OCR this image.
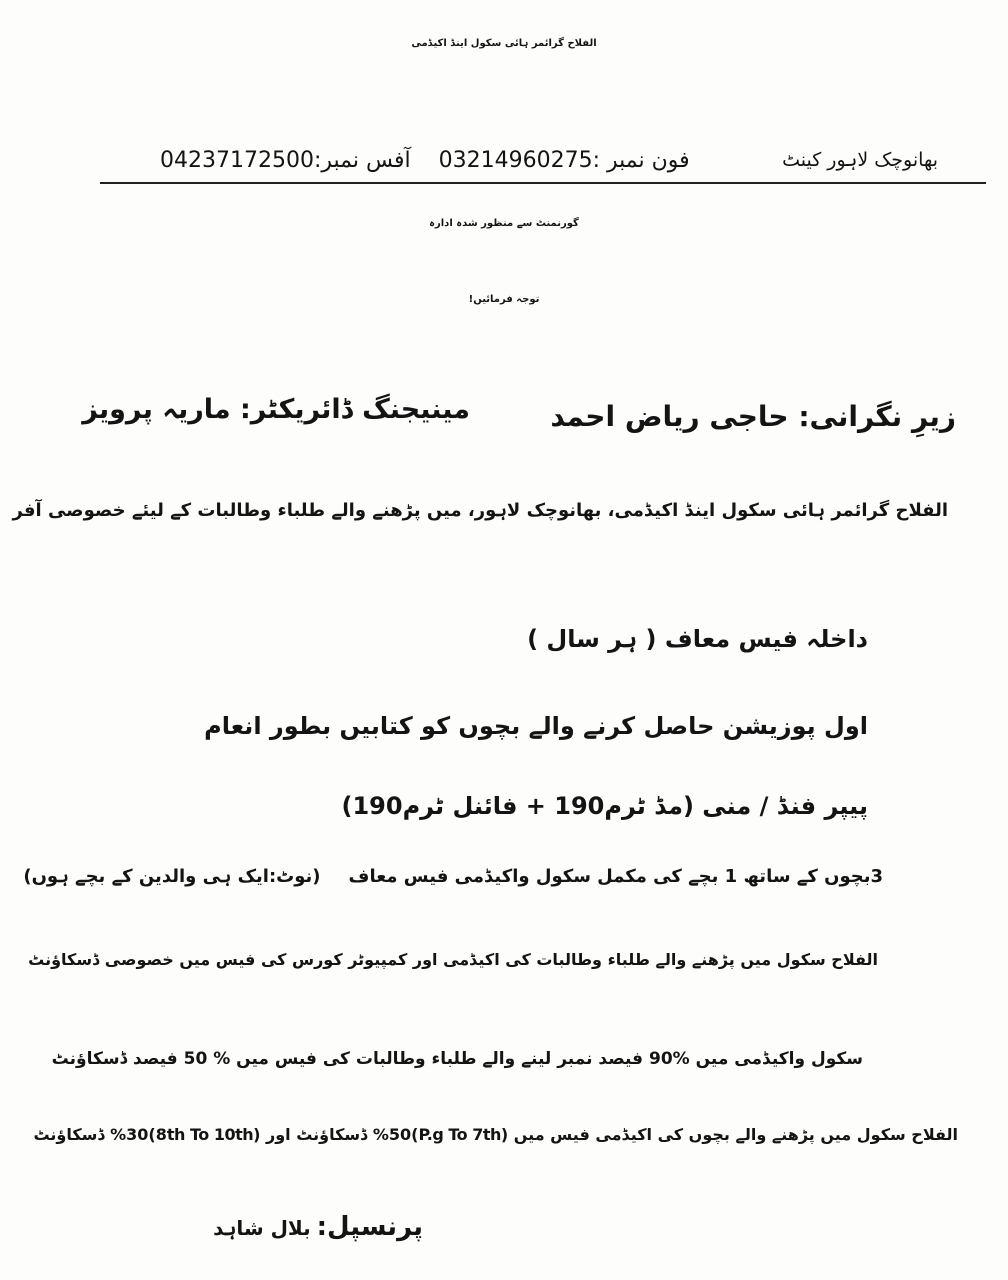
الفلاح گرائمر ہائی سکول اینڈ اکیڈمی
فون نمبر :03214960275    آفس نمبر:04237172500	بھانوچک لاہور کینٹ
گورنمنٹ سے منظور شدہ ادارہ
توجہ فرمائیں!
زیرِ نگرانی: حاجی ریاض احمد
مینیجنگ ڈائریکٹر: ماریہ پرویز
الفلاح گرائمر ہائی سکول اینڈ اکیڈمی، بھانوچک لاہور، میں پڑھنے والے طلباء وطالبات کے لیئے خصوصی آفر
داخلہ فیس معاف ( ہر سال )
اول پوزیشن حاصل کرنے والے بچوں کو کتابیں بطور انعام
پیپر فنڈ / منی (مڈ ٹرم190 + فائنل ٹرم190)
3بچوں کے ساتھ 1 بچے کی مکمل سکول واکیڈمی فیس معاف(نوٹ:ایک ہی والدین کے بچے ہوں)
الفلاح سکول میں پڑھنے والے طلباء وطالبات کی اکیڈمی اور کمپیوٹر کورس کی فیس میں خصوصی ڈسکاؤنٹ
سکول واکیڈمی میں %90 فیصد نمبر لینے والے طلباء وطالبات کی فیس میں % 50 فیصد ڈسکاؤنٹ
الفلاح سکول میں پڑھنے والے بچوں کی اکیڈمی فیس میں (P.g To 7th)%50 ڈسکاؤنٹ اور (8th To 10th)%30 ڈسکاؤنٹ
پرنسپل:بلال شاہد
